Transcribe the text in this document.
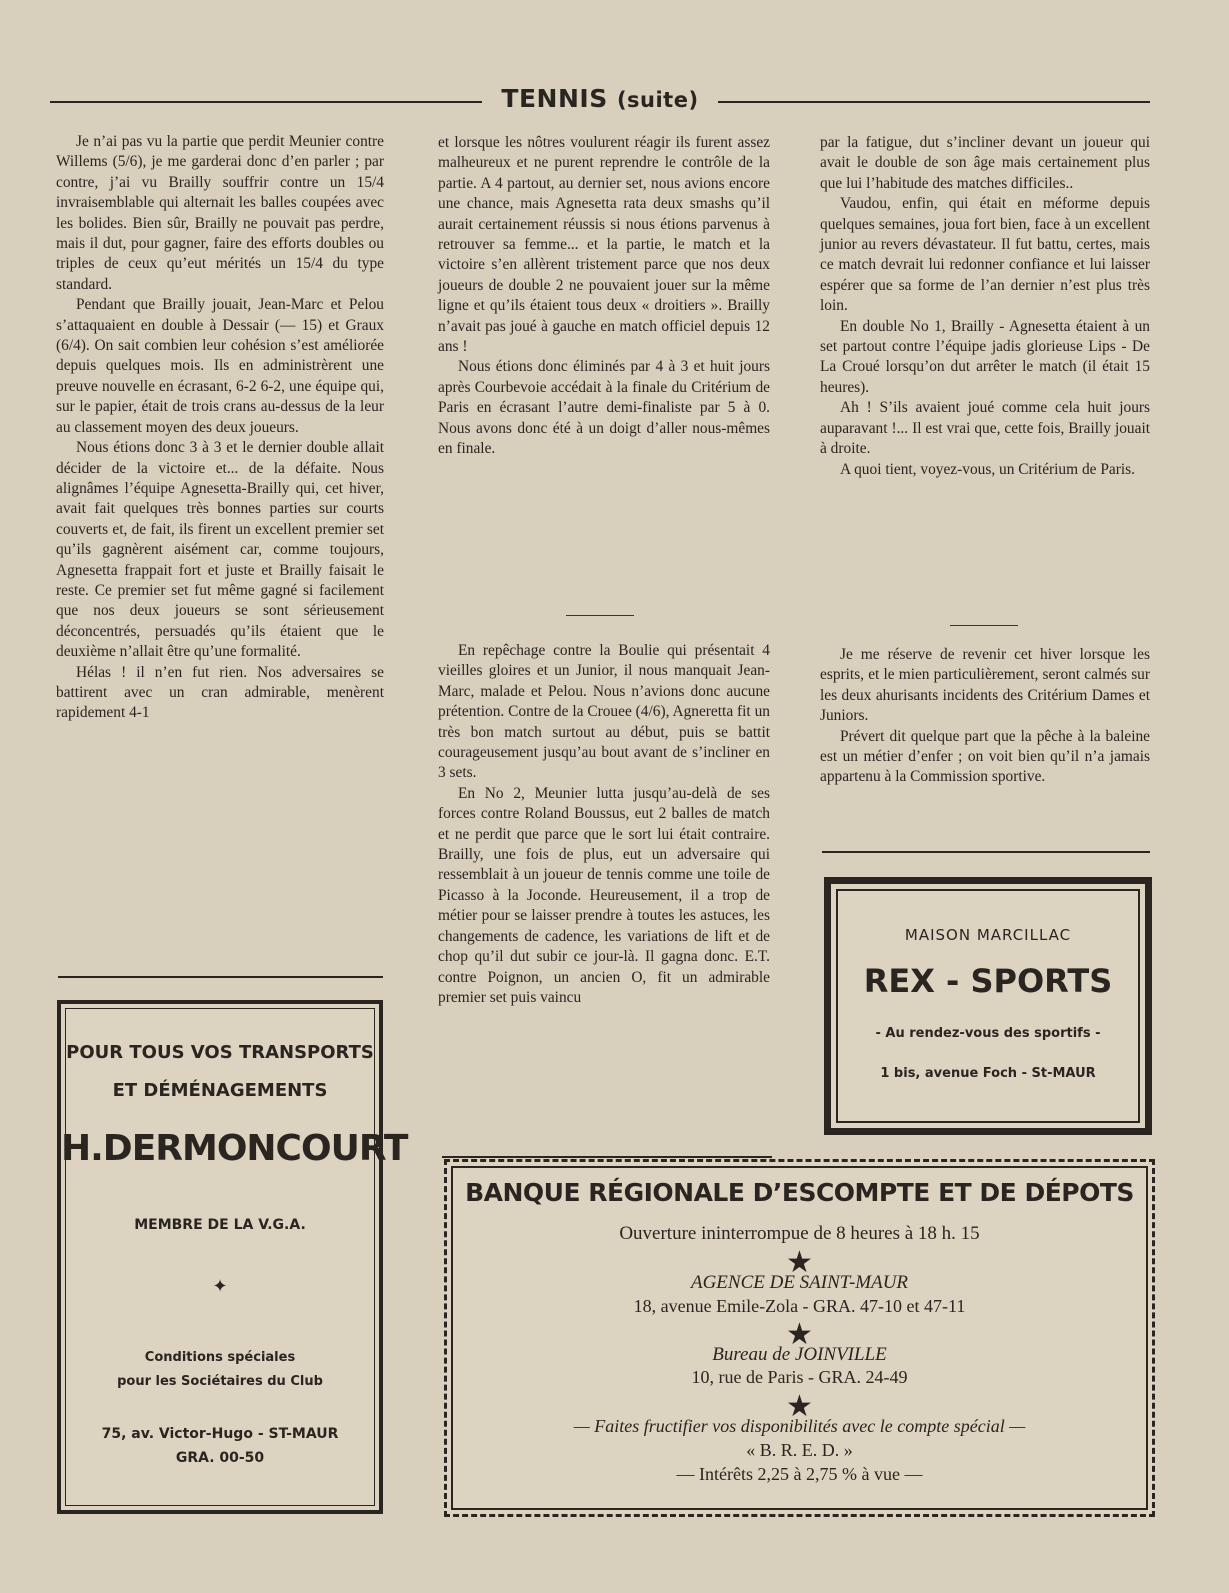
TENNIS (suite)

Je n’ai pas vu la partie que perdit Meunier contre Willems (5/6), je me garderai donc d’en parler ; par contre, j’ai vu Brailly souffrir contre un 15/4 invraisemblable qui alternait les balles coupées avec les bolides. Bien sûr, Brailly ne pouvait pas perdre, mais il dut, pour gagner, faire des efforts doubles ou triples de ceux qu’eut mérités un 15/4 du type standard.

Pendant que Brailly jouait, Jean-Marc et Pelou s’attaquaient en double à Dessair (— 15) et Graux (6/4). On sait combien leur cohésion s’est améliorée depuis quelques mois. Ils en administrèrent une preuve nouvelle en écrasant, 6-2 6-2, une équipe qui, sur le papier, était de trois crans au-dessus de la leur au classement moyen des deux joueurs.

Nous étions donc 3 à 3 et le dernier double allait décider de la victoire et... de la défaite. Nous alignâmes l’équipe Agnesetta-Brailly qui, cet hiver, avait fait quelques très bonnes parties sur courts couverts et, de fait, ils firent un excellent premier set qu’ils gagnèrent aisément car, comme toujours, Agnesetta frappait fort et juste et Brailly faisait le reste. Ce premier set fut même gagné si facilement que nos deux joueurs se sont sérieusement déconcentrés, persuadés qu’ils étaient que le deuxième n’allait être qu’une formalité.

Hélas ! il n’en fut rien. Nos adversaires se battirent avec un cran admirable, menèrent rapidement 4-1

et lorsque les nôtres voulurent réagir ils furent assez malheureux et ne purent reprendre le contrôle de la partie. A 4 partout, au dernier set, nous avions encore une chance, mais Agnesetta rata deux smashs qu’il aurait certainement réussis si nous étions parvenus à retrouver sa femme... et la partie, le match et la victoire s’en allèrent tristement parce que nos deux joueurs de double 2 ne pouvaient jouer sur la même ligne et qu’ils étaient tous deux « droitiers ». Brailly n’avait pas joué à gauche en match officiel depuis 12 ans !

Nous étions donc éliminés par 4 à 3 et huit jours après Courbevoie accédait à la finale du Critérium de Paris en écrasant l’autre demi-finaliste par 5 à 0. Nous avons donc été à un doigt d’aller nous-mêmes en finale.

En repêchage contre la Boulie qui présentait 4 vieilles gloires et un Junior, il nous manquait Jean-Marc, malade et Pelou. Nous n’avions donc aucune prétention. Contre de la Crouee (4/6), Agneretta fit un très bon match surtout au début, puis se battit courageusement jusqu’au bout avant de s’incliner en 3 sets.

En No 2, Meunier lutta jusqu’au-delà de ses forces contre Roland Boussus, eut 2 balles de match et ne perdit que parce que le sort lui était contraire. Brailly, une fois de plus, eut un adversaire qui ressemblait à un joueur de tennis comme une toile de Picasso à la Joconde. Heureusement, il a trop de métier pour se laisser prendre à toutes les astuces, les changements de cadence, les variations de lift et de chop qu’il dut subir ce jour-là. Il gagna donc. E.T. contre Poignon, un ancien O, fit un admirable premier set puis vaincu

par la fatigue, dut s’incliner devant un joueur qui avait le double de son âge mais certainement plus que lui l’habitude des matches difficiles..

Vaudou, enfin, qui était en méforme depuis quelques semaines, joua fort bien, face à un excellent junior au revers dévastateur. Il fut battu, certes, mais ce match devrait lui redonner confiance et lui laisser espérer que sa forme de l’an dernier n’est plus très loin.

En double No 1, Brailly - Agnesetta étaient à un set partout contre l’équipe jadis glorieuse Lips - De La Croué lorsqu’on dut arrêter le match (il était 15 heures).

Ah ! S’ils avaient joué comme cela huit jours auparavant !... Il est vrai que, cette fois, Brailly jouait à droite.

A quoi tient, voyez-vous, un Critérium de Paris.

Je me réserve de revenir cet hiver lorsque les esprits, et le mien particulièrement, seront calmés sur les deux ahurisants incidents des Critérium Dames et Juniors.

Prévert dit quelque part que la pêche à la baleine est un métier d’enfer ; on voit bien qu’il n’a jamais appartenu à la Commission sportive.

POUR TOUS VOS TRANSPORTS
ET DÉMÉNAGEMENTS
H.DERMONCOURT
MEMBRE DE LA V.G.A.
✦
Conditions spéciales
pour les Sociétaires du Club
75, av. Victor-Hugo - ST-MAUR
GRA. 00-50
MAISON MARCILLAC
REX - SPORTS
- Au rendez-vous des sportifs -
1 bis, avenue Foch - St-MAUR
BANQUE RÉGIONALE D’ESCOMPTE ET DE DÉPOTS
Ouverture ininterrompue de 8 heures à 18 h. 15
★
AGENCE DE SAINT-MAUR
18, avenue Emile-Zola - GRA. 47-10 et 47-11
★
Bureau de JOINVILLE
10, rue de Paris - GRA. 24-49
★
— Faites fructifier vos disponibilités avec le compte spécial —
« B. R. E. D. »
— Intérêts 2,25 à 2,75 % à vue —
